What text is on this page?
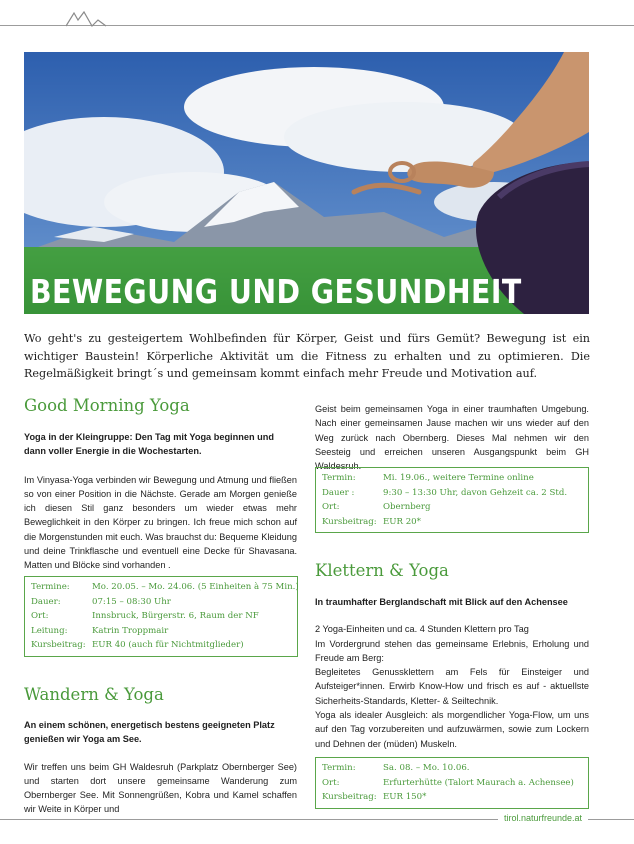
BEWEGUNG UND GESUNDHEIT
Wo geht's zu gesteigertem Wohlbefinden für Körper, Geist und fürs Gemüt? Bewegung ist ein wichtiger Baustein! Körperliche Aktivität um die Fitness zu erhalten und zu optimieren. Die Regelmäßigkeit bringt´s und gemeinsam kommt einfach mehr Freude und Motivation auf.
Good Morning Yoga

Yoga in der Kleingruppe: Den Tag mit Yoga beginnen und dann voller Energie in die Wochestarten.

Im Vinyasa-Yoga verbinden wir Bewegung und Atmung und fließen so von einer Position in die Nächste. Gerade am Morgen genieße ich diesen Stil ganz besonders um wieder etwas mehr Beweglichkeit in den Körper zu bringen. Ich freue mich schon auf die Morgenstunden mit euch. Was brauchst du: Bequeme Kleidung und deine Trinkflasche und eventuell eine Decke für Shavasana. Matten und Blöcke sind vorhanden .

Termine:	Mo. 20.05. – Mo. 24.06. (5 Einheiten à 75 Min.)
Dauer:	07:15 – 08:30 Uhr
Ort:	Innsbruck, Bürgerstr. 6, Raum der NF
Leitung:	Katrin Troppmair
Kursbeitrag: EUR 40 (auch für Nichtmitglieder)
Wandern & Yoga

An einem schönen, energetisch bestens geeigneten Platz genießen wir Yoga am See.

Wir treffen uns beim GH Waldesruh (Parkplatz Obernberger See) und starten dort unsere gemeinsame Wanderung zum Obernberger See. Mit Sonnengrüßen, Kobra und Kamel schaffen wir Weite in Körper und

Geist beim gemeinsamen Yoga in einer traumhaften Umgebung. Nach einer gemeinsamen Jause machen wir uns wieder auf den Weg zurück nach Obernberg. Dieses Mal nehmen wir den Seesteig und erreichen unseren Ausgangspunkt beim GH Waldesruh.

Termin:	Mi. 19.06., weitere Termine online
Dauer :	9:30 – 13:30 Uhr, davon Gehzeit ca. 2 Std.
Ort:	Obernberg
Kursbeitrag: EUR 20*
Klettern & Yoga

In traumhafter Berglandschaft mit Blick auf den Achensee

2 Yoga-Einheiten und ca. 4 Stunden Klettern pro Tag

Im Vordergrund stehen das gemeinsame Erlebnis, Erholung und Freude am Berg:

Begleitetes Genussklettern am Fels für Einsteiger und Aufsteiger*innen. Erwirb Know-How und frisch es auf - aktuellste Sicherheits-Standards, Kletter- & Seiltechnik.

Yoga als idealer Ausgleich: als morgendlicher Yoga-Flow, um uns auf den Tag vorzubereiten und aufzuwärmen, sowie zum Lockern und Dehnen der (müden) Muskeln.

Termin:	Sa. 08. – Mo. 10.06.
Ort:	Erfurterhütte (Talort Maurach a. Achensee)
Kursbeitrag: EUR 150*
tirol.naturfreunde.at
